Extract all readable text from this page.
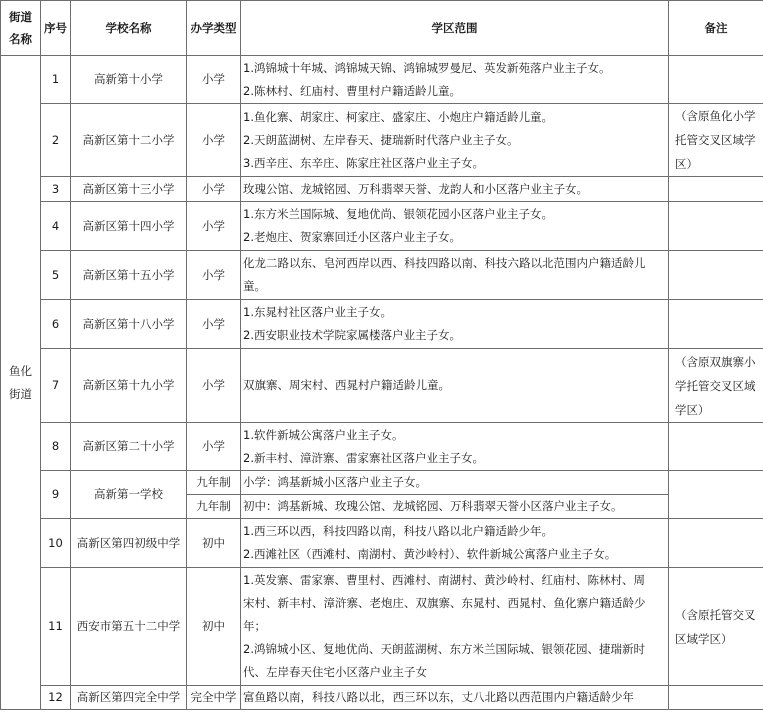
街道
名称	序号	学校名称	办学类型	学区范围	备注

鱼化
街道	1	高新第十小学	小学	1.鸿锦城十年城、鸿锦城天锦、鸿锦城罗曼尼、英发新苑落户业主子女。
2.陈林村、红庙村、曹里村户籍适龄儿童。	

	2	高新区第十二小学	小学	1.鱼化寨、胡家庄、柯家庄、盛家庄、小炮庄户籍适龄儿童。
2.天朗蓝湖树、左岸春天、捷瑞新时代落户业主子女。
3.西辛庄、东辛庄、陈家庄社区落户业主子女。	（含原鱼化小学
托管交叉区域学
区）

	3	高新区第十三小学	小学	玫瑰公馆、龙城铭园、万科翡翠天誉、龙韵人和小区落户业主子女。	
	4	高新区第十四小学	小学	1.东方米兰国际城、复地优尚、银领花园小区落户业主子女。
2.老炮庄、贺家寨回迁小区落户业主子女。	

	5	高新区第十五小学	小学	化龙二路以东、皂河西岸以西、科技四路以南、科技六路以北范围内户籍适龄儿
童。	

	6	高新区第十八小学	小学	1.东晁村社区落户业主子女。
2.西安职业技术学院家属楼落户业主子女。	

	7	高新区第十九小学	小学	双旗寨、周宋村、西晁村户籍适龄儿童。	（含原双旗寨小
学托管交叉区域
学区）

	8	高新区第二十小学	小学	1.软件新城公寓落户业主子女。
2.新丰村、漳浒寨、雷家寨社区落户业主子女。	

	9	高新第一学校	九年制	小学：鸿基新城小区落户业主子女。	
			九年制	初中：鸿基新城、玫瑰公馆、龙城铭园、万科翡翠天誉小区落户业主子女。	
	10	高新区第四初级中学	初中	1.西三环以西，科技四路以南，科技八路以北户籍适龄少年。
2.西滩社区（西滩村、南湖村、黄沙岭村）、软件新城公寓落户业主子女。	

	11	西安市第五十二中学	初中	1.英发寨、雷家寨、曹里村、西滩村、南湖村、黄沙岭村、红庙村、陈林村、周
宋村、新丰村、漳浒寨、老炮庄、双旗寨、东晁村、西晁村、鱼化寨户籍适龄少
年；
2.鸿锦城小区、复地优尚、天朗蓝湖树、东方米兰国际城、银领花园、捷瑞新时
代、左岸春天住宅小区落户业主子女	（含原托管交叉
区域学区）

	12	高新区第四完全中学	完全中学	富鱼路以南，科技八路以北，西三环以东，丈八北路以西范围内户籍适龄少年	
